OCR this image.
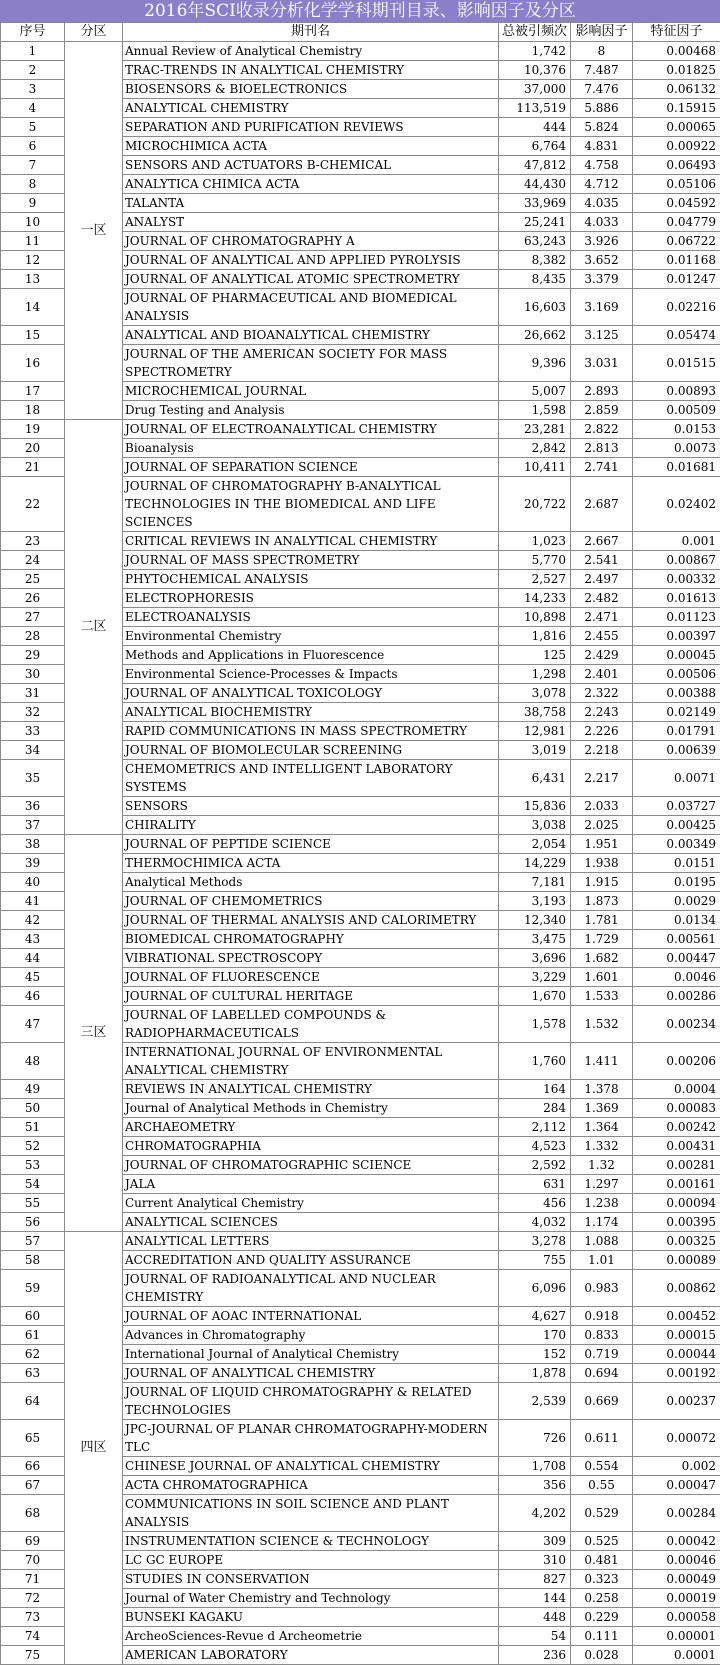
2016年SCI收录分析化学学科期刊目录、影响因子及分区
序号	分区	期刊名	总被引频次	影响因子	特征因子
1	一区	Annual Review of Analytical Chemistry	1,742	8	0.00468
2		TRAC-TRENDS IN ANALYTICAL CHEMISTRY	10,376	7.487	0.01825
3		BIOSENSORS & BIOELECTRONICS	37,000	7.476	0.06132
4		ANALYTICAL CHEMISTRY	113,519	5.886	0.15915
5		SEPARATION AND PURIFICATION REVIEWS	444	5.824	0.00065
6		MICROCHIMICA ACTA	6,764	4.831	0.00922
7		SENSORS AND ACTUATORS B-CHEMICAL	47,812	4.758	0.06493
8		ANALYTICA CHIMICA ACTA	44,430	4.712	0.05106
9		TALANTA	33,969	4.035	0.04592
10		ANALYST	25,241	4.033	0.04779
11		JOURNAL OF CHROMATOGRAPHY A	63,243	3.926	0.06722
12		JOURNAL OF ANALYTICAL AND APPLIED PYROLYSIS	8,382	3.652	0.01168
13		JOURNAL OF ANALYTICAL ATOMIC SPECTROMETRY	8,435	3.379	0.01247
14		JOURNAL OF PHARMACEUTICAL AND BIOMEDICAL ANALYSIS	16,603	3.169	0.02216
15		ANALYTICAL AND BIOANALYTICAL CHEMISTRY	26,662	3.125	0.05474
16		JOURNAL OF THE AMERICAN SOCIETY FOR MASS SPECTROMETRY	9,396	3.031	0.01515
17		MICROCHEMICAL JOURNAL	5,007	2.893	0.00893
18		Drug Testing and Analysis	1,598	2.859	0.00509
19	二区	JOURNAL OF ELECTROANALYTICAL CHEMISTRY	23,281	2.822	0.0153
20		Bioanalysis	2,842	2.813	0.0073
21		JOURNAL OF SEPARATION SCIENCE	10,411	2.741	0.01681
22		JOURNAL OF CHROMATOGRAPHY B-ANALYTICAL TECHNOLOGIES IN THE BIOMEDICAL AND LIFE SCIENCES	20,722	2.687	0.02402
23		CRITICAL REVIEWS IN ANALYTICAL CHEMISTRY	1,023	2.667	0.001
24		JOURNAL OF MASS SPECTROMETRY	5,770	2.541	0.00867
25		PHYTOCHEMICAL ANALYSIS	2,527	2.497	0.00332
26		ELECTROPHORESIS	14,233	2.482	0.01613
27		ELECTROANALYSIS	10,898	2.471	0.01123
28		Environmental Chemistry	1,816	2.455	0.00397
29		Methods and Applications in Fluorescence	125	2.429	0.00045
30		Environmental Science-Processes & Impacts	1,298	2.401	0.00506
31		JOURNAL OF ANALYTICAL TOXICOLOGY	3,078	2.322	0.00388
32		ANALYTICAL BIOCHEMISTRY	38,758	2.243	0.02149
33		RAPID COMMUNICATIONS IN MASS SPECTROMETRY	12,981	2.226	0.01791
34		JOURNAL OF BIOMOLECULAR SCREENING	3,019	2.218	0.00639
35		CHEMOMETRICS AND INTELLIGENT LABORATORY SYSTEMS	6,431	2.217	0.0071
36		SENSORS	15,836	2.033	0.03727
37		CHIRALITY	3,038	2.025	0.00425
38	三区	JOURNAL OF PEPTIDE SCIENCE	2,054	1.951	0.00349
39		THERMOCHIMICA ACTA	14,229	1.938	0.0151
40		Analytical Methods	7,181	1.915	0.0195
41		JOURNAL OF CHEMOMETRICS	3,193	1.873	0.0029
42		JOURNAL OF THERMAL ANALYSIS AND CALORIMETRY	12,340	1.781	0.0134
43		BIOMEDICAL CHROMATOGRAPHY	3,475	1.729	0.00561
44		VIBRATIONAL SPECTROSCOPY	3,696	1.682	0.00447
45		JOURNAL OF FLUORESCENCE	3,229	1.601	0.0046
46		JOURNAL OF CULTURAL HERITAGE	1,670	1.533	0.00286
47		JOURNAL OF LABELLED COMPOUNDS & RADIOPHARMACEUTICALS	1,578	1.532	0.00234
48		INTERNATIONAL JOURNAL OF ENVIRONMENTAL ANALYTICAL CHEMISTRY	1,760	1.411	0.00206
49		REVIEWS IN ANALYTICAL CHEMISTRY	164	1.378	0.0004
50		Journal of Analytical Methods in Chemistry	284	1.369	0.00083
51		ARCHAEOMETRY	2,112	1.364	0.00242
52		CHROMATOGRAPHIA	4,523	1.332	0.00431
53		JOURNAL OF CHROMATOGRAPHIC SCIENCE	2,592	1.32	0.00281
54		JALA	631	1.297	0.00161
55		Current Analytical Chemistry	456	1.238	0.00094
56		ANALYTICAL SCIENCES	4,032	1.174	0.00395
57	四区	ANALYTICAL LETTERS	3,278	1.088	0.00325
58		ACCREDITATION AND QUALITY ASSURANCE	755	1.01	0.00089
59		JOURNAL OF RADIOANALYTICAL AND NUCLEAR CHEMISTRY	6,096	0.983	0.00862
60		JOURNAL OF AOAC INTERNATIONAL	4,627	0.918	0.00452
61		Advances in Chromatography	170	0.833	0.00015
62		International Journal of Analytical Chemistry	152	0.719	0.00044
63		JOURNAL OF ANALYTICAL CHEMISTRY	1,878	0.694	0.00192
64		JOURNAL OF LIQUID CHROMATOGRAPHY & RELATED TECHNOLOGIES	2,539	0.669	0.00237
65		JPC-JOURNAL OF PLANAR CHROMATOGRAPHY-MODERN TLC	726	0.611	0.00072
66		CHINESE JOURNAL OF ANALYTICAL CHEMISTRY	1,708	0.554	0.002
67		ACTA CHROMATOGRAPHICA	356	0.55	0.00047
68		COMMUNICATIONS IN SOIL SCIENCE AND PLANT ANALYSIS	4,202	0.529	0.00284
69		INSTRUMENTATION SCIENCE & TECHNOLOGY	309	0.525	0.00042
70		LC GC EUROPE	310	0.481	0.00046
71		STUDIES IN CONSERVATION	827	0.323	0.00049
72		Journal of Water Chemistry and Technology	144	0.258	0.00019
73		BUNSEKI KAGAKU	448	0.229	0.00058
74		ArcheoSciences-Revue d Archeometrie	54	0.111	0.00001
75		AMERICAN LABORATORY	236	0.028	0.0001
